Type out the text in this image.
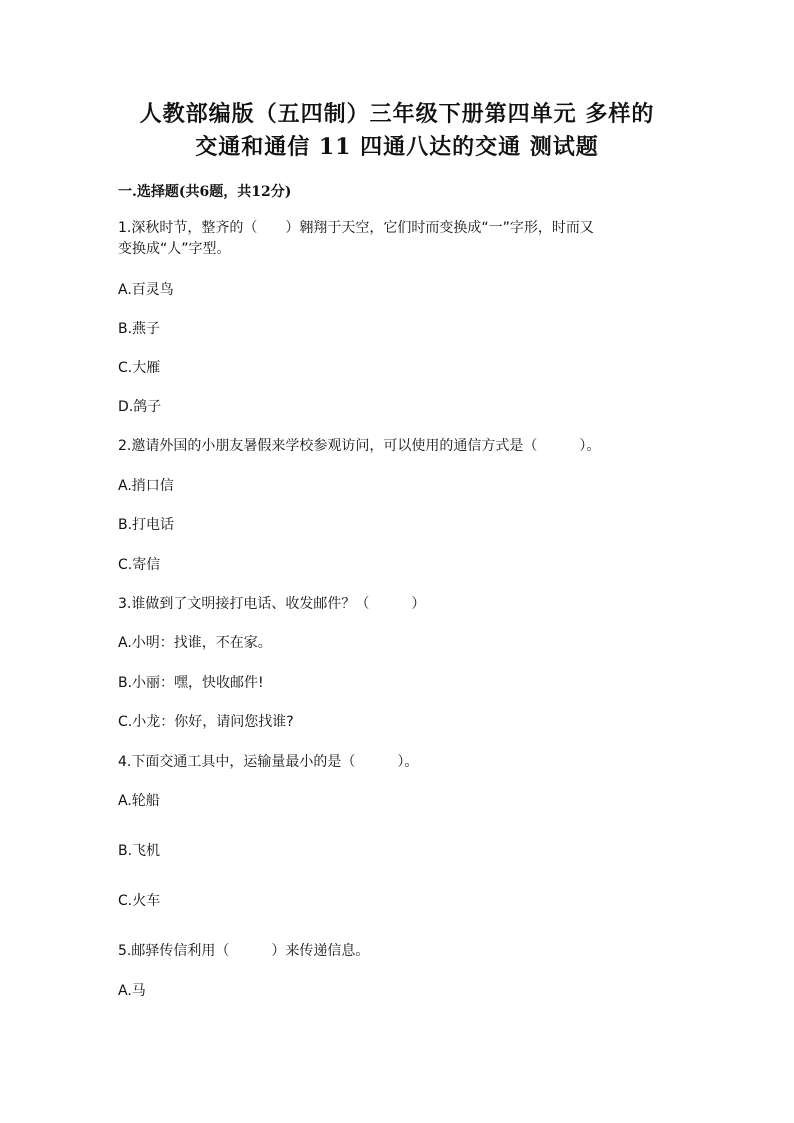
人教部编版（五四制）三年级下册第四单元 多样的
交通和通信 11 四通八达的交通 测试题
一.选择题(共6题，共12分)
1.深秋时节，整齐的（　　）翱翔于天空，它们时而变换成“一”字形，时而又
变换成“人”字型。
A.百灵鸟
B.燕子
C.大雁
D.鸽子
2.邀请外国的小朋友暑假来学校参观访问，可以使用的通信方式是（　　　）。
A.捎口信
B.打电话
C.寄信
3.谁做到了文明接打电话、收发邮件？（　　　）
A.小明：找谁，不在家。
B.小丽：嘿，快收邮件!
C.小龙：你好，请问您找谁?
4.下面交通工具中，运输量最小的是（　　　）。
A.轮船
B.飞机
C.火车
5.邮驿传信利用（　　　）来传递信息。
A.马
